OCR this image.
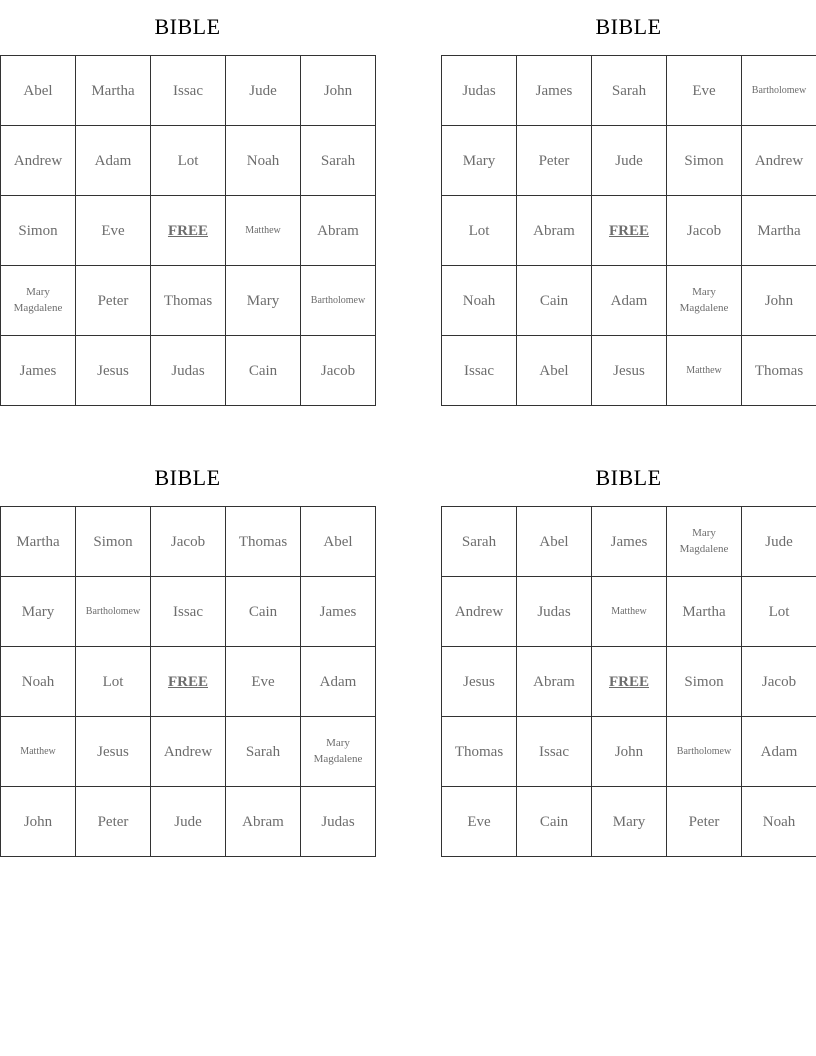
BIBLE
Abel	Martha	Issac	Jude	John
Andrew	Adam	Lot	Noah	Sarah
Simon	Eve	FREE	Matthew	Abram
Mary Magdalene	Peter	Thomas	Mary	Bartholomew
James	Jesus	Judas	Cain	Jacob
BIBLE
Judas	James	Sarah	Eve	Bartholomew
Mary	Peter	Jude	Simon	Andrew
Lot	Abram	FREE	Jacob	Martha
Noah	Cain	Adam	Mary Magdalene	John
Issac	Abel	Jesus	Matthew	Thomas
BIBLE
Martha	Simon	Jacob	Thomas	Abel
Mary	Bartholomew	Issac	Cain	James
Noah	Lot	FREE	Eve	Adam
Matthew	Jesus	Andrew	Sarah	Mary Magdalene
John	Peter	Jude	Abram	Judas
BIBLE
Sarah	Abel	James	Mary Magdalene	Jude
Andrew	Judas	Matthew	Martha	Lot
Jesus	Abram	FREE	Simon	Jacob
Thomas	Issac	John	Bartholomew	Adam
Eve	Cain	Mary	Peter	Noah
